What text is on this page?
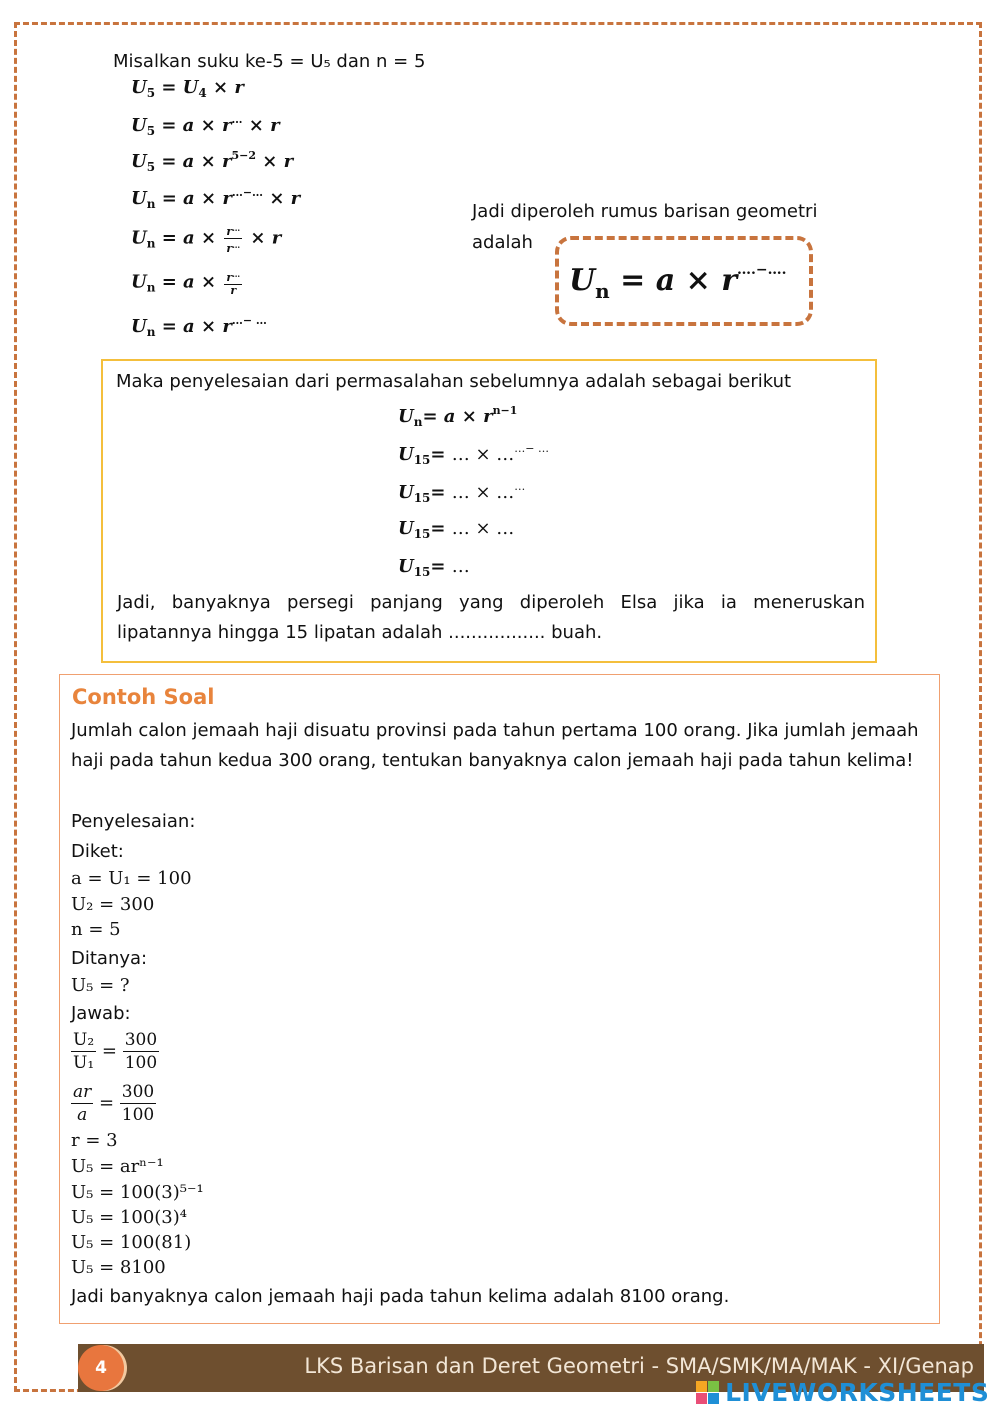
Misalkan suku ke-5 = U₅ dan n = 5
$U_5 = U_4 \times r$
$U_5 = a \times r^\dots \times r$
$U_5 = a \times r^{5-2} \times r$
$U_n = a \times r^{\dots-\dots} \times r$
$U_n = a \times \frac{r^\dots}{r^\dots} \times r$
$U_n = a \times \frac{r^\dots}{r}$
$U_n = a \times r^{\dots- \dots}$
Jadi diperoleh rumus barisan geometri
adalah
$U_n = a \times r^{\dots.-\dots.}$
Maka penyelesaian dari permasalahan sebelumnya adalah sebagai berikut
$U_n= a \times r^{n-1}$
$U_{15}=$ … × ……− …
$U_{15}=$ … × ……
$U_{15}=$ … × …
$U_{15}=$ …
Jadi, banyaknya persegi panjang yang diperoleh Elsa jika ia meneruskan lipatannya hingga 15 lipatan adalah ................. buah.
Contoh Soal
Jumlah calon jemaah haji disuatu provinsi pada tahun pertama 100 orang. Jika jumlah jemaah haji pada tahun kedua 300 orang, tentukan banyaknya calon jemaah haji pada tahun kelima!
Penyelesaian:
Diket:
a = U₁ = 100
U₂ = 300
n = 5
Ditanya:
U₅ = ?
Jawab:
$\frac{\text{U₂}}{\text{U₁}} = \frac{300}{100}$
$\frac{ar}{a} = \frac{300}{100}$
r = 3
U₅ = arⁿ⁻¹
U₅ = 100(3)⁵⁻¹
U₅ = 100(3)⁴
U₅ = 100(81)
U₅ = 8100
Jadi banyaknya calon jemaah haji pada tahun kelima adalah 8100 orang.
4	LKS Barisan dan Deret Geometri - SMA/SMK/MA/MAK - XI/Genap
LIVEWORKSHEETS
